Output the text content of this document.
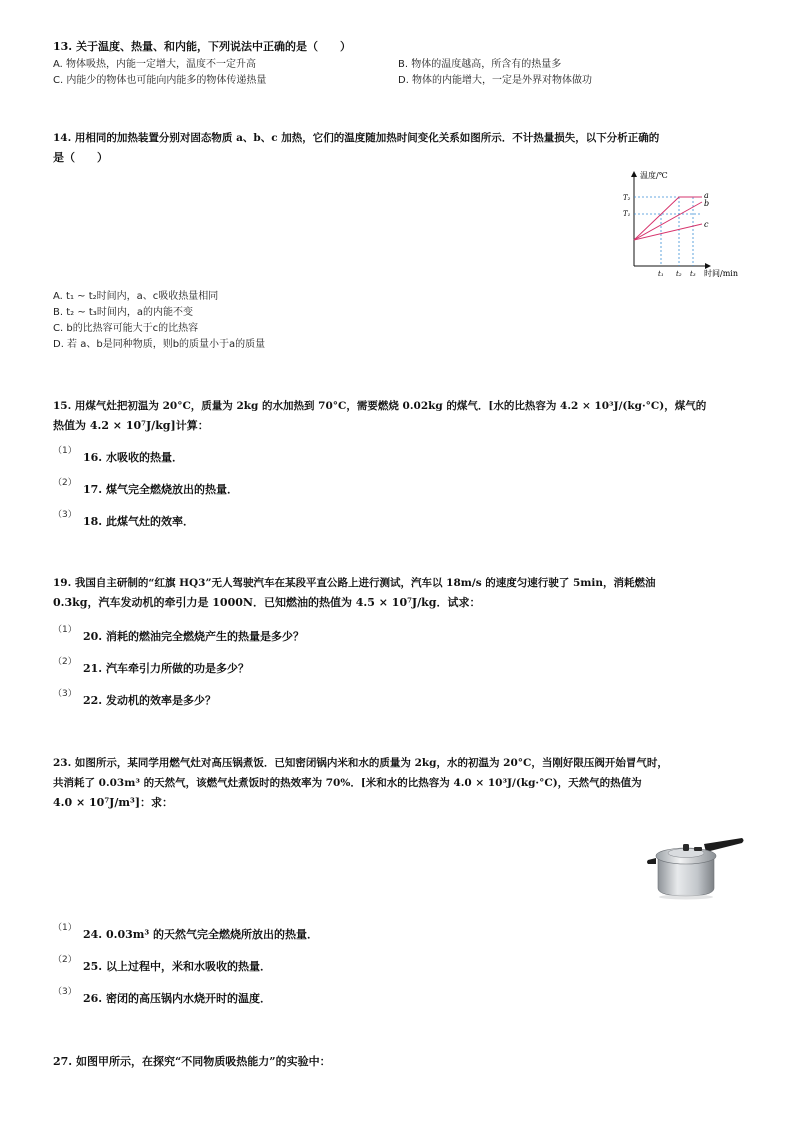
13. 关于温度、热量、和内能，下列说法中正确的是（　　）
A. 物体吸热，内能一定增大，温度不一定升高	B. 物体的温度越高，所含有的热量多
C. 内能少的物体也可能向内能多的物体传递热量	D. 物体的内能增大，一定是外界对物体做功
14. 用相同的加热装置分别对固态物质 a、b、c 加热，它们的温度随加热时间变化关系如图所示．不计热量损失，以下分析正确的
是（　　）
温度/℃
时间/min
T₂
T₁
t₁ t₂ t₃
a
b
c
A. t₁ ~ t₂时间内，a、c吸收热量相同
B. t₂ ~ t₃时间内，a的内能不变
C. b的比热容可能大于c的比热容
D. 若 a、b是同种物质，则b的质量小于a的质量
15. 用煤气灶把初温为 20°C，质量为 2kg 的水加热到 70°C，需要燃烧 0.02kg 的煤气．[水的比热容为 4.2 × 10³J/(kg·°C)，煤气的
热值为 4.2 × 10⁷J/kg]计算：
（1） 16. 水吸收的热量．
（2） 17. 煤气完全燃烧放出的热量．
（3） 18. 此煤气灶的效率．
19. 我国自主研制的“红旗 HQ3”无人驾驶汽车在某段平直公路上进行测试，汽车以 18m/s 的速度匀速行驶了 5min，消耗燃油
0.3kg，汽车发动机的牵引力是 1000N．已知燃油的热值为 4.5 × 10⁷J/kg．试求：
（1） 20. 消耗的燃油完全燃烧产生的热量是多少？
（2） 21. 汽车牵引力所做的功是多少？
（3） 22. 发动机的效率是多少？
23. 如图所示，某同学用燃气灶对高压锅煮饭．已知密闭锅内米和水的质量为 2kg，水的初温为 20°C，当刚好限压阀开始冒气时，
共消耗了 0.03m³ 的天然气，该燃气灶煮饭时的热效率为 70%．[米和水的比热容为 4.0 × 10³J/(kg·°C)，天然气的热值为
4.0 × 10⁷J/m³]：求：
（1） 24. 0.03m³ 的天然气完全燃烧所放出的热量．
（2） 25. 以上过程中，米和水吸收的热量．
（3） 26. 密闭的高压锅内水烧开时的温度．
27. 如图甲所示，在探究“不同物质吸热能力”的实验中：
